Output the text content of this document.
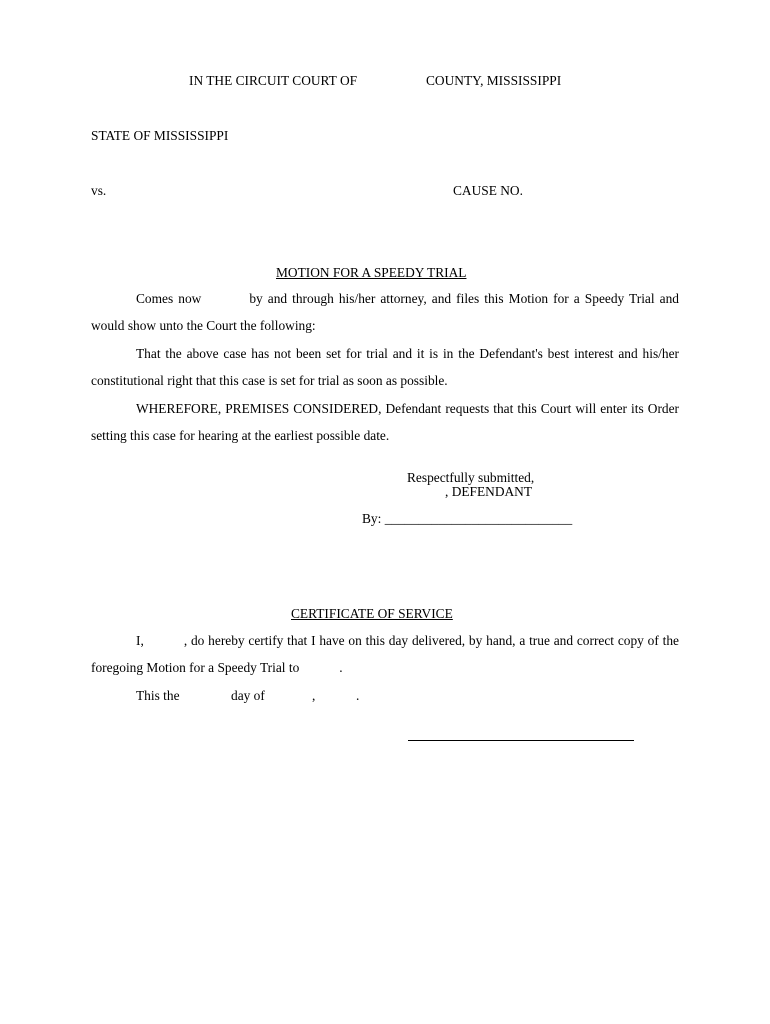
IN THE CIRCUIT COURT OF	COUNTY, MISSISSIPPI
STATE OF MISSISSIPPI
vs.	CAUSE NO.
MOTION FOR A SPEEDY TRIAL
Comes now	by and through his/her attorney, and files this Motion for a Speedy Trial and would show unto the Court the following:
That the above case has not been set for trial and it is in the Defendant's best interest and his/her constitutional right that this case is set for trial as soon as possible.
WHEREFORE, PREMISES CONSIDERED, Defendant requests that this Court will enter its Order setting this case for hearing at the earliest possible date.
Respectfully submitted,
, DEFENDANT
By: ____________________________
CERTIFICATE OF SERVICE
I,	, do hereby certify that I have on this day delivered, by hand, a true and correct copy of the foregoing Motion for a Speedy Trial to	.
This the	day of	,	.
